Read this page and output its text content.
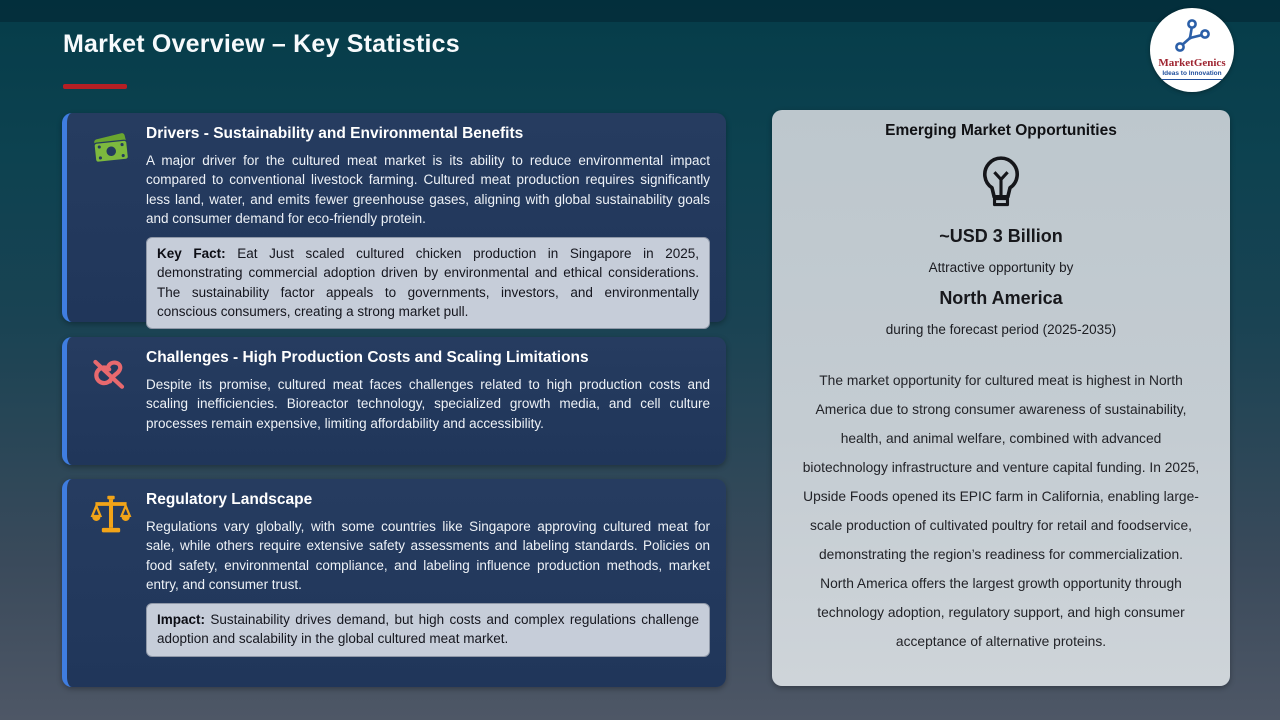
Market Overview – Key Statistics
MarketGenics
Ideas to Innovation
Drivers - Sustainability and Environmental Benefits

A major driver for the cultured meat market is its ability to reduce environmental impact compared to conventional livestock farming. Cultured meat production requires significantly less land, water, and emits fewer greenhouse gases, aligning with global sustainability goals and consumer demand for eco-friendly protein.

Key Fact: Eat Just scaled cultured chicken production in Singapore in 2025, demonstrating commercial adoption driven by environmental and ethical considerations. The sustainability factor appeals to governments, investors, and environmentally conscious consumers, creating a strong market pull.
Challenges - High Production Costs and Scaling Limitations

Despite its promise, cultured meat faces challenges related to high production costs and scaling inefficiencies. Bioreactor technology, specialized growth media, and cell culture processes remain expensive, limiting affordability and accessibility.

Regulatory Landscape

Regulations vary globally, with some countries like Singapore approving cultured meat for sale, while others require extensive safety assessments and labeling standards. Policies on food safety, environmental compliance, and labeling influence production methods, market entry, and consumer trust.

Impact: Sustainability drives demand, but high costs and complex regulations challenge adoption and scalability in the global cultured meat market.
Emerging Market Opportunities
~USD 3 Billion
Attractive opportunity by
North America
during the forecast period (2025-2035)

The market opportunity for cultured meat is highest in North America due to strong consumer awareness of sustainability, health, and animal welfare, combined with advanced biotechnology infrastructure and venture capital funding. In 2025, Upside Foods opened its EPIC farm in California, enabling large-scale production of cultivated poultry for retail and foodservice, demonstrating the region’s readiness for commercialization. North America offers the largest growth opportunity through technology adoption, regulatory support, and high consumer acceptance of alternative proteins.
